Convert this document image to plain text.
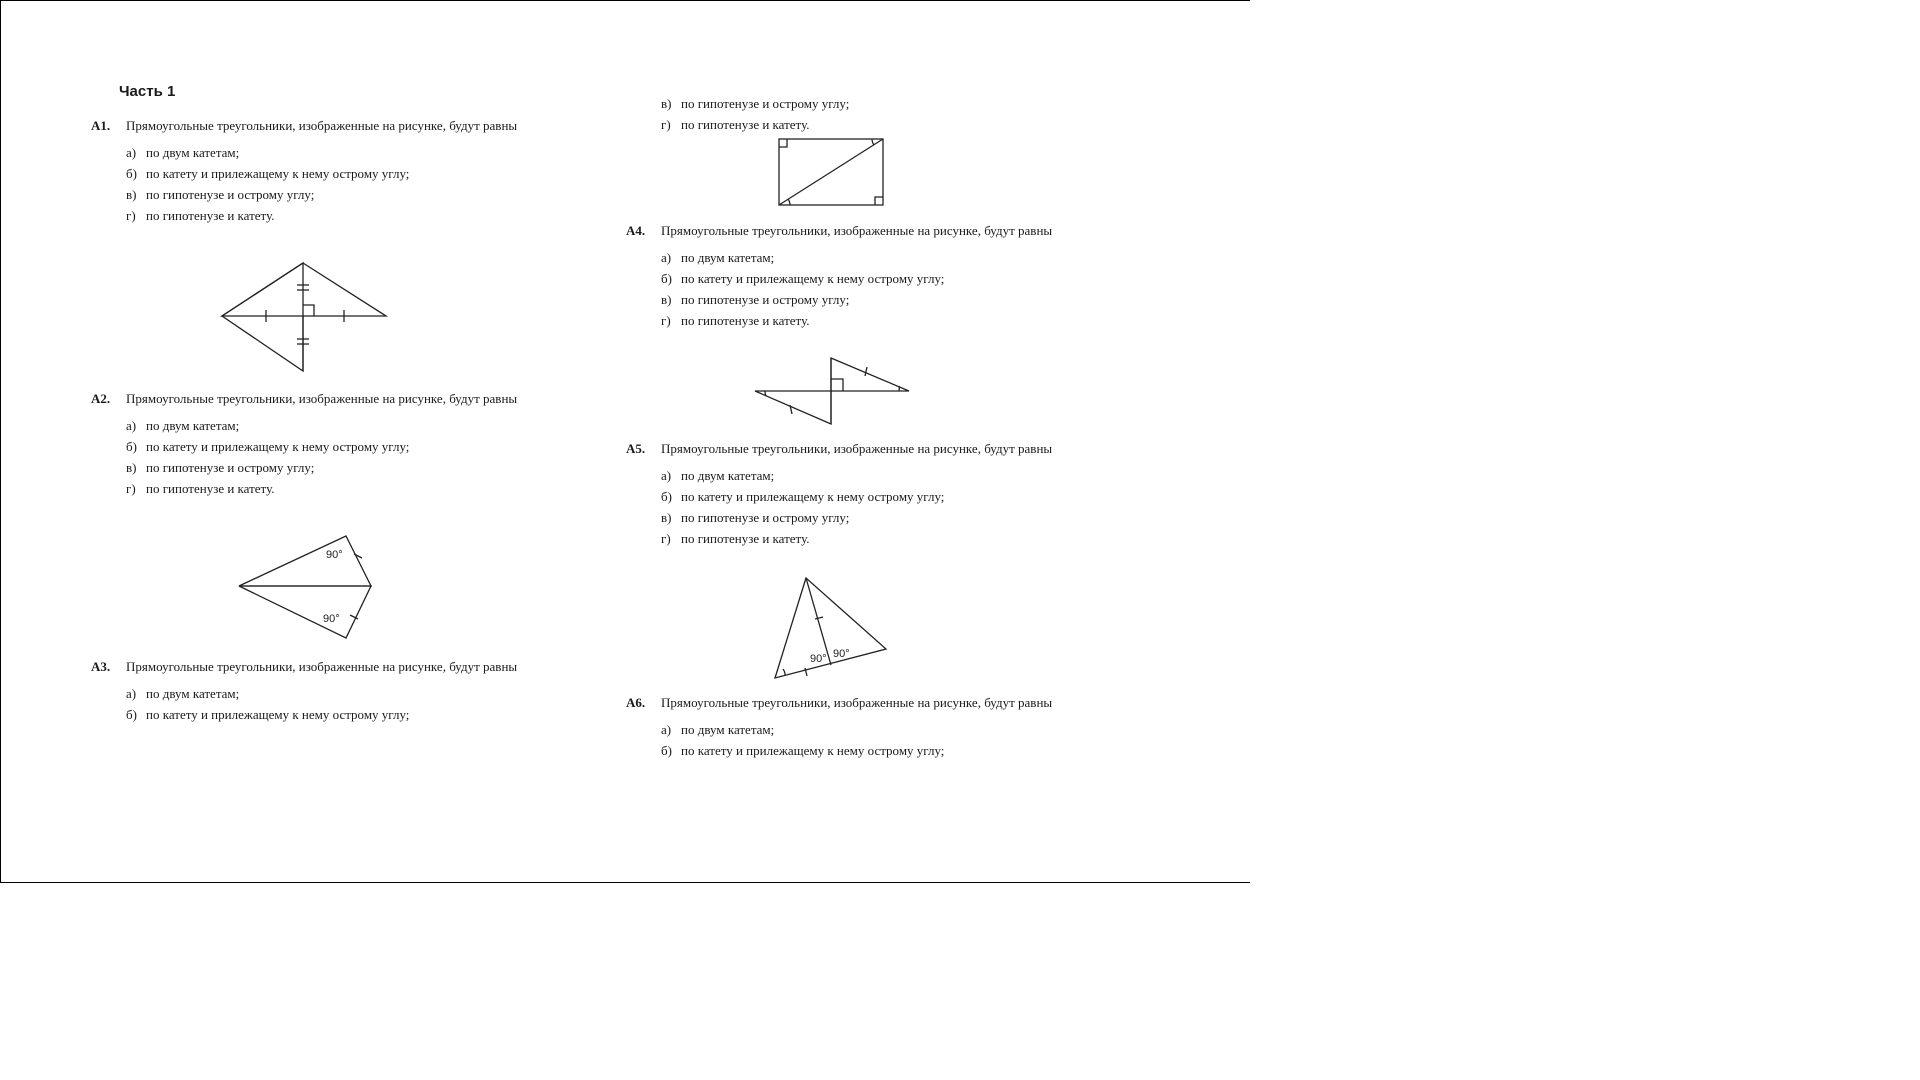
Часть 1
А1. Прямоугольные треугольники, изображенные на рисунке, будут равны
а) по двум катетам;
б) по катету и прилежащему к нему острому углу;
в) по гипотенузе и острому углу;
г) по гипотенузе и катету.
А2. Прямоугольные треугольники, изображенные на рисунке, будут равны
а) по двум катетам;
б) по катету и прилежащему к нему острому углу;
в) по гипотенузе и острому углу;
г) по гипотенузе и катету.
90°
90°
А3. Прямоугольные треугольники, изображенные на рисунке, будут равны
а) по двум катетам;
б) по катету и прилежащему к нему острому углу;
в) по гипотенузе и острому углу;
г) по гипотенузе и катету.
А4. Прямоугольные треугольники, изображенные на рисунке, будут равны
а) по двум катетам;
б) по катету и прилежащему к нему острому углу;
в) по гипотенузе и острому углу;
г) по гипотенузе и катету.
А5. Прямоугольные треугольники, изображенные на рисунке, будут равны
а) по двум катетам;
б) по катету и прилежащему к нему острому углу;
в) по гипотенузе и острому углу;
г) по гипотенузе и катету.
90° 90°
А6. Прямоугольные треугольники, изображенные на рисунке, будут равны
а) по двум катетам;
б) по катету и прилежащему к нему острому углу;
